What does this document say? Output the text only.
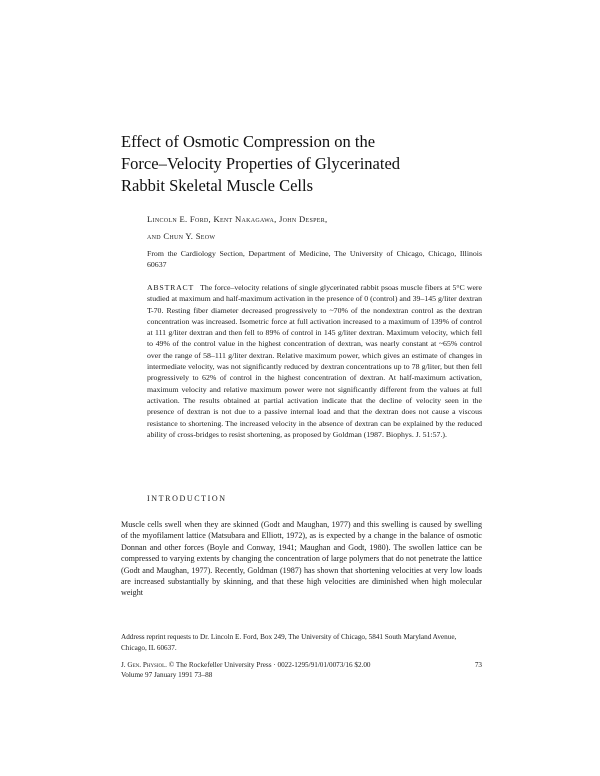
Effect of Osmotic Compression on the
Force–Velocity Properties of Glycerinated
Rabbit Skeletal Muscle Cells
Lincoln E. Ford, Kent Nakagawa, John Desper,
and Chun Y. Seow
From the Cardiology Section, Department of Medicine, The University of Chicago, Chicago, Illinois 60637
ABSTRACT The force–velocity relations of single glycerinated rabbit psoas muscle fibers at 5°C were studied at maximum and half-maximum activation in the presence of 0 (control) and 39–145 g/liter dextran T-70. Resting fiber diameter decreased progressively to ~70% of the nondextran control as the dextran concentration was increased. Isometric force at full activation increased to a maximum of 139% of control at 111 g/liter dextran and then fell to 89% of control in 145 g/liter dextran. Maximum velocity, which fell to 49% of the control value in the highest concentration of dextran, was nearly constant at ~65% control over the range of 58–111 g/liter dextran. Relative maximum power, which gives an estimate of changes in intermediate velocity, was not significantly reduced by dextran concentrations up to 78 g/liter, but then fell progressively to 62% of control in the highest concentration of dextran. At half-maximum activation, maximum velocity and relative maximum power were not significantly different from the values at full activation. The results obtained at partial activation indicate that the decline of velocity seen in the presence of dextran is not due to a passive internal load and that the dextran does not cause a viscous resistance to shortening. The increased velocity in the absence of dextran can be explained by the reduced ability of cross-bridges to resist shortening, as proposed by Goldman (1987. Biophys. J. 51:57.).
INTRODUCTION
Muscle cells swell when they are skinned (Godt and Maughan, 1977) and this swelling is caused by swelling of the myofilament lattice (Matsubara and Elliott, 1972), as is expected by a change in the balance of osmotic Donnan and other forces (Boyle and Conway, 1941; Maughan and Godt, 1980). The swollen lattice can be compressed to varying extents by changing the concentration of large polymers that do not penetrate the lattice (Godt and Maughan, 1977). Recently, Goldman (1987) has shown that shortening velocities at very low loads are increased substantially by skinning, and that these high velocities are diminished when high molecular weight
Address reprint requests to Dr. Lincoln E. Ford, Box 249, The University of Chicago, 5841 South Maryland Avenue, Chicago, IL 60637.
J. Gen. Physiol. © The Rockefeller University Press · 0022-1295/91/01/0073/16 $2.00	73
Volume 97 January 1991 73–88
